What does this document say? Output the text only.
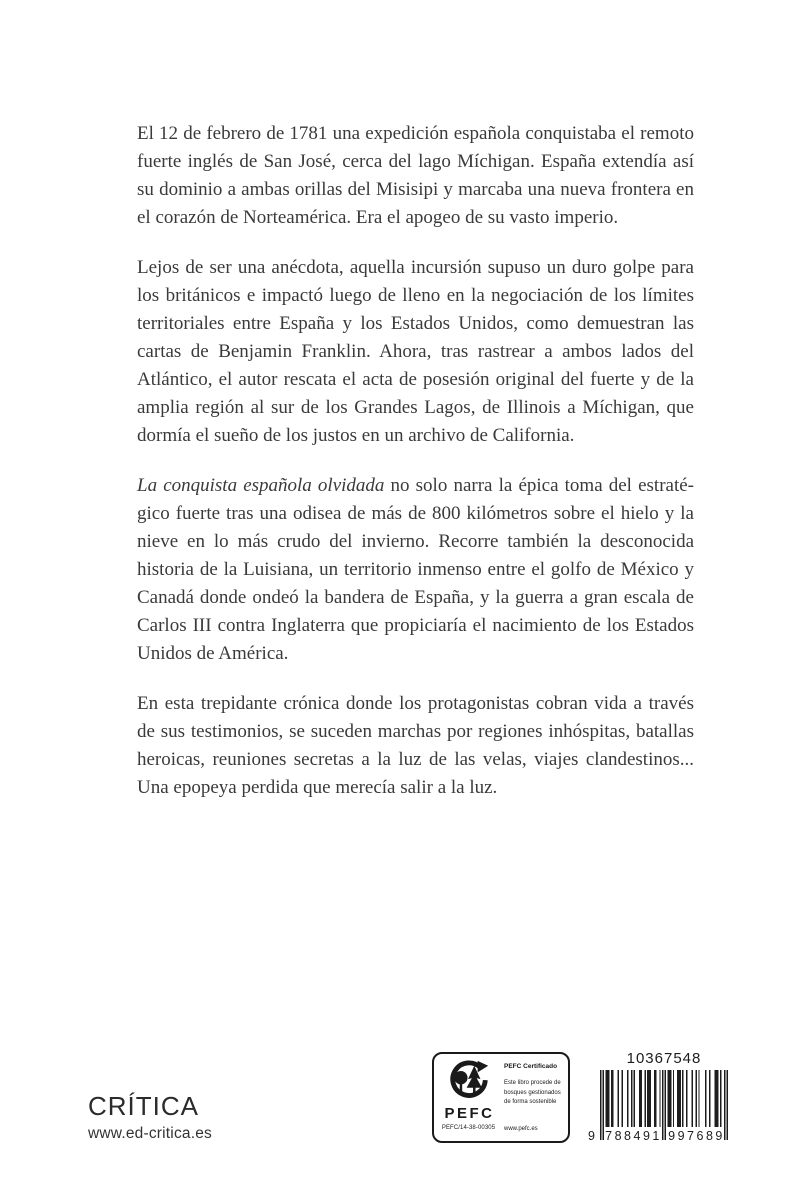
El 12 de febrero de 1781 una expedición española conquistaba el remoto fuerte inglés de San José, cerca del lago Míchigan. España extendía así su dominio a ambas orillas del Misisipi y marcaba una nueva frontera en el corazón de Norteamérica. Era el apogeo de su vasto imperio.

Lejos de ser una anécdota, aquella incursión supuso un duro golpe para los británicos e impactó luego de lleno en la negociación de los límites territoriales entre España y los Estados Unidos, como demuestran las cartas de Benjamin Franklin. Ahora, tras rastrear a ambos lados del Atlántico, el autor rescata el acta de posesión original del fuerte y de la amplia región al sur de los Grandes Lagos, de Illinois a Míchigan, que dormía el sueño de los justos en un archivo de California.

La conquista española olvidada no solo narra la épica toma del estratégico fuerte tras una odisea de más de 800 kilómetros sobre el hielo y la nieve en lo más crudo del invierno. Recorre también la desconocida historia de la Luisiana, un territorio inmenso entre el golfo de México y Canadá donde ondeó la bandera de España, y la guerra a gran escala de Carlos III contra Inglaterra que propiciaría el nacimiento de los Estados Unidos de América.

En esta trepidante crónica donde los protagonistas cobran vida a través de sus testimonios, se suceden marchas por regiones inhóspitas, batallas heroicas, reuniones secretas a la luz de las velas, viajes clandestinos... Una epopeya perdida que merecía salir a la luz.

CRÍTICA
www.ed-critica.es
PEFC
PEFC/14-38-00305
PEFC Certificado
Este libro procede de bosques gestionados de forma sostenible
www.pefc.es
10367548
9 788491 997689
